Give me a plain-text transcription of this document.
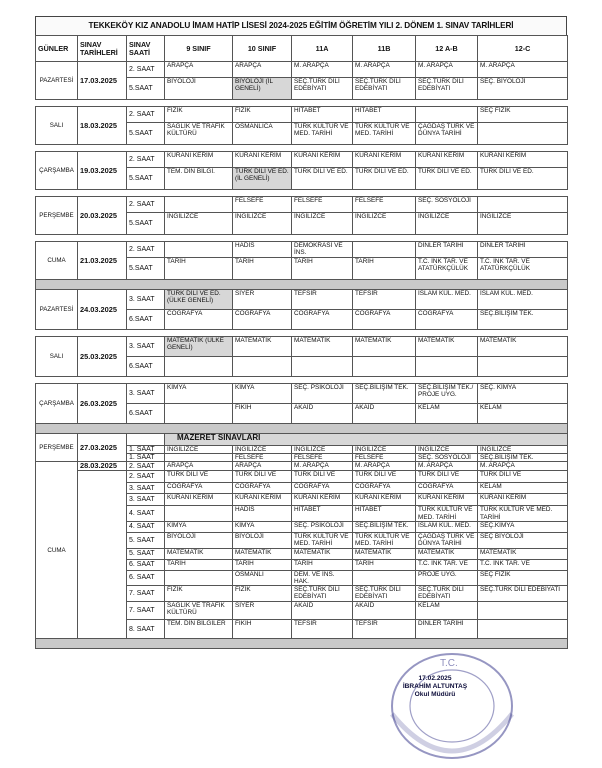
TEKKEKÖY KIZ ANADOLU İMAM HATİP LİSESİ 2024-2025 EĞİTİM ÖĞRETİM YILI 2. DÖNEM 1. SINAV TARİHLERİ
GÜNLER	SINAV TARİHLERİ	SINAV SAATİ	9 SINIF	10 SINIF	11A	11B	12 A-B	12-C
PAZARTESİ	17.03.2025	2. SAAT	ARAPÇA	ARAPÇA	M. ARAPÇA	M. ARAPÇA	M. ARAPÇA	M. ARAPÇA
		5.SAAT	BİYOLOJİ	BİYOLOJİ (İL GENELİ)	SEÇ.TÜRK DİLİ EDEBİYATI	SEÇ.TÜRK DİLİ EDEBİYATI	SEÇ.TÜRK DİLİ EDEBİYATI	SEÇ. BİYOLOJİ

SALI	18.03.2025	2. SAAT	FİZİK	FİZİK	HİTABET	HİTABET		SEÇ FİZİK
		5.SAAT	SAĞLIK VE TRAFİK KÜLTÜRÜ	OSMANLICA	TÜRK KÜLTÜR VE MED. TARİHİ	TÜRK KÜLTÜR VE MED. TARİHİ	ÇAĞDAŞ TÜRK VE DÜNYA TARİHİ	

ÇARŞAMBA	19.03.2025	2. SAAT	KURANI KERİM	KURANI KERİM	KURANI KERİM	KURANI KERİM	KURANI KERİM	KURANI KERİM
		5.SAAT	TEM. DİN BİLGİ.	TÜRK DİLİ VE ED. (İL GENELİ)	TÜRK DİLİ VE ED.	TÜRK DİLİ VE ED.	TÜRK DİLİ VE ED.	TÜRK DİLİ VE ED.

PERŞEMBE	20.03.2025	2. SAAT		FELSEFE	FELSEFE	FELSEFE	SEÇ. SOSYOLOJİ	
		5.SAAT	İNGİLİZCE	İNGİLİZCE	İNGİLİZCE	İNGİLİZCE	İNGİLİZCE	İNGİLİZCE

CUMA	21.03.2025	2. SAAT		HADİS	DEMOKRASİ VE İNS.		DİNLER TARİHİ	DİNLER TARİHİ
		5.SAAT	TARİH	TARİH	TARİH	TARİH	T.C. İNK TAR. VE ATATÜRKÇÜLÜK	T.C. İNK TAR. VE ATATÜRKÇÜLÜK

PAZARTESİ	24.03.2025	3. SAAT	TÜRK DİLİ VE ED. (ÜLKE GENELİ)	SİYER	TEFSİR	TEFSİR	İSLAM KÜL. MED.	İSLAM KÜL. MED.
		6.SAAT	COĞRAFYA	COĞRAFYA	COĞRAFYA	COĞRAFYA	COĞRAFYA	SEÇ.BİLİŞİM TEK.

SALI	25.03.2025	3. SAAT	MATEMATİK (ÜLKE GENELİ)	MATEMATİK	MATEMATİK	MATEMATİK	MATEMATİK	MATEMATİK
		6.SAAT						

ÇARŞAMBA	26.03.2025	3. SAAT	KİMYA	KİMYA	SEÇ. PSİKOLOJİ	SEÇ.BİLİŞİM TEK.	SEÇ.BİLİŞİM TEK./ PROJE UYG.	SEÇ. KİMYA
		6.SAAT		FIKIH	AKAİD	AKAİD	KELAM	KELAM

PERŞEMBE	27.03.2025		MAZERET SINAVLARI					
		1. SAAT	İNGİLİZCE	İNGİLİZCE	İNGİLİZCE	İNGİLİZCE	İNGİLİZCE	İNGİLİZCE
		1. SAAT		FELSEFE	FELSEFE	FELSEFE	SEÇ. SOSYOLOJİ	SEÇ.BİLİŞİM TEK.
CUMA	28.03.2025	2. SAAT	ARAPÇA	ARAPÇA	M. ARAPÇA	M. ARAPÇA	M. ARAPÇA	M. ARAPÇA
		2. SAAT	TÜRK DİLİ VE	TÜRK DİLİ VE	TÜRK DİLİ VE	TÜRK DİLİ VE	TÜRK DİLİ VE	TÜRK DİLİ VE
		3. SAAT	COĞRAFYA	COĞRAFYA	COĞRAFYA	COĞRAFYA	COĞRAFYA	KELAM
		3. SAAT	KURANI KERİM	KURANI KERİM	KURANI KERİM	KURANI KERİM	KURANI KERİM	KURANI KERİM
		4. SAAT		HADİS	HİTABET	HİTABET	TÜRK KÜLTÜR VE MED. TARİHİ	TÜRK KÜLTÜR VE MED. TARİHİ
		4. SAAT	KİMYA	KİMYA	SEÇ. PSİKOLOJİ	SEÇ.BİLİŞİM TEK.	İSLAM KÜL. MED.	SEÇ.KİMYA
		5. SAAT	BİYOLOJİ	BİYOLOJİ	TÜRK KÜLTÜR VE MED. TARİHİ	TÜRK KÜLTÜR VE MED. TARİHİ	ÇAĞDAŞ TÜRK VE DÜNYA TARİHİ	SEÇ BİYOLOJİ
		5. SAAT	MATEMATİK	MATEMATİK	MATEMATİK	MATEMATİK	MATEMATİK	MATEMATİK
		6. SAAT	TARİH	TARİH	TARİH	TARİH	T.C. İNK TAR. VE	T.C. İNK TAR. VE
		6. SAAT		OSMANLI	DEM. VE İNS. HAK.		PROJE UYG.	SEÇ FİZİK
		7. SAAT	FİZİK	FİZİK	SEÇ.TÜRK DİLİ EDEBİYATI	SEÇ.TÜRK DİLİ EDEBİYATI	SEÇ.TÜRK DİLİ EDEBİYATI	SEÇ.TÜRK DİLİ EDEBİYATI
		7. SAAT	SAĞLIK VE TRAFİK KÜLTÜRÜ	SİYER	AKAİD	AKAİD	KELAM	
		8. SAAT	TEM. DİN BİLGİLER	FIKIH	TEFSİR	TEFSİR	DİNLER TARİHİ	

T.C.
17.02.2025
İBRAHİM ALTUNTAŞ
Okul Müdürü
